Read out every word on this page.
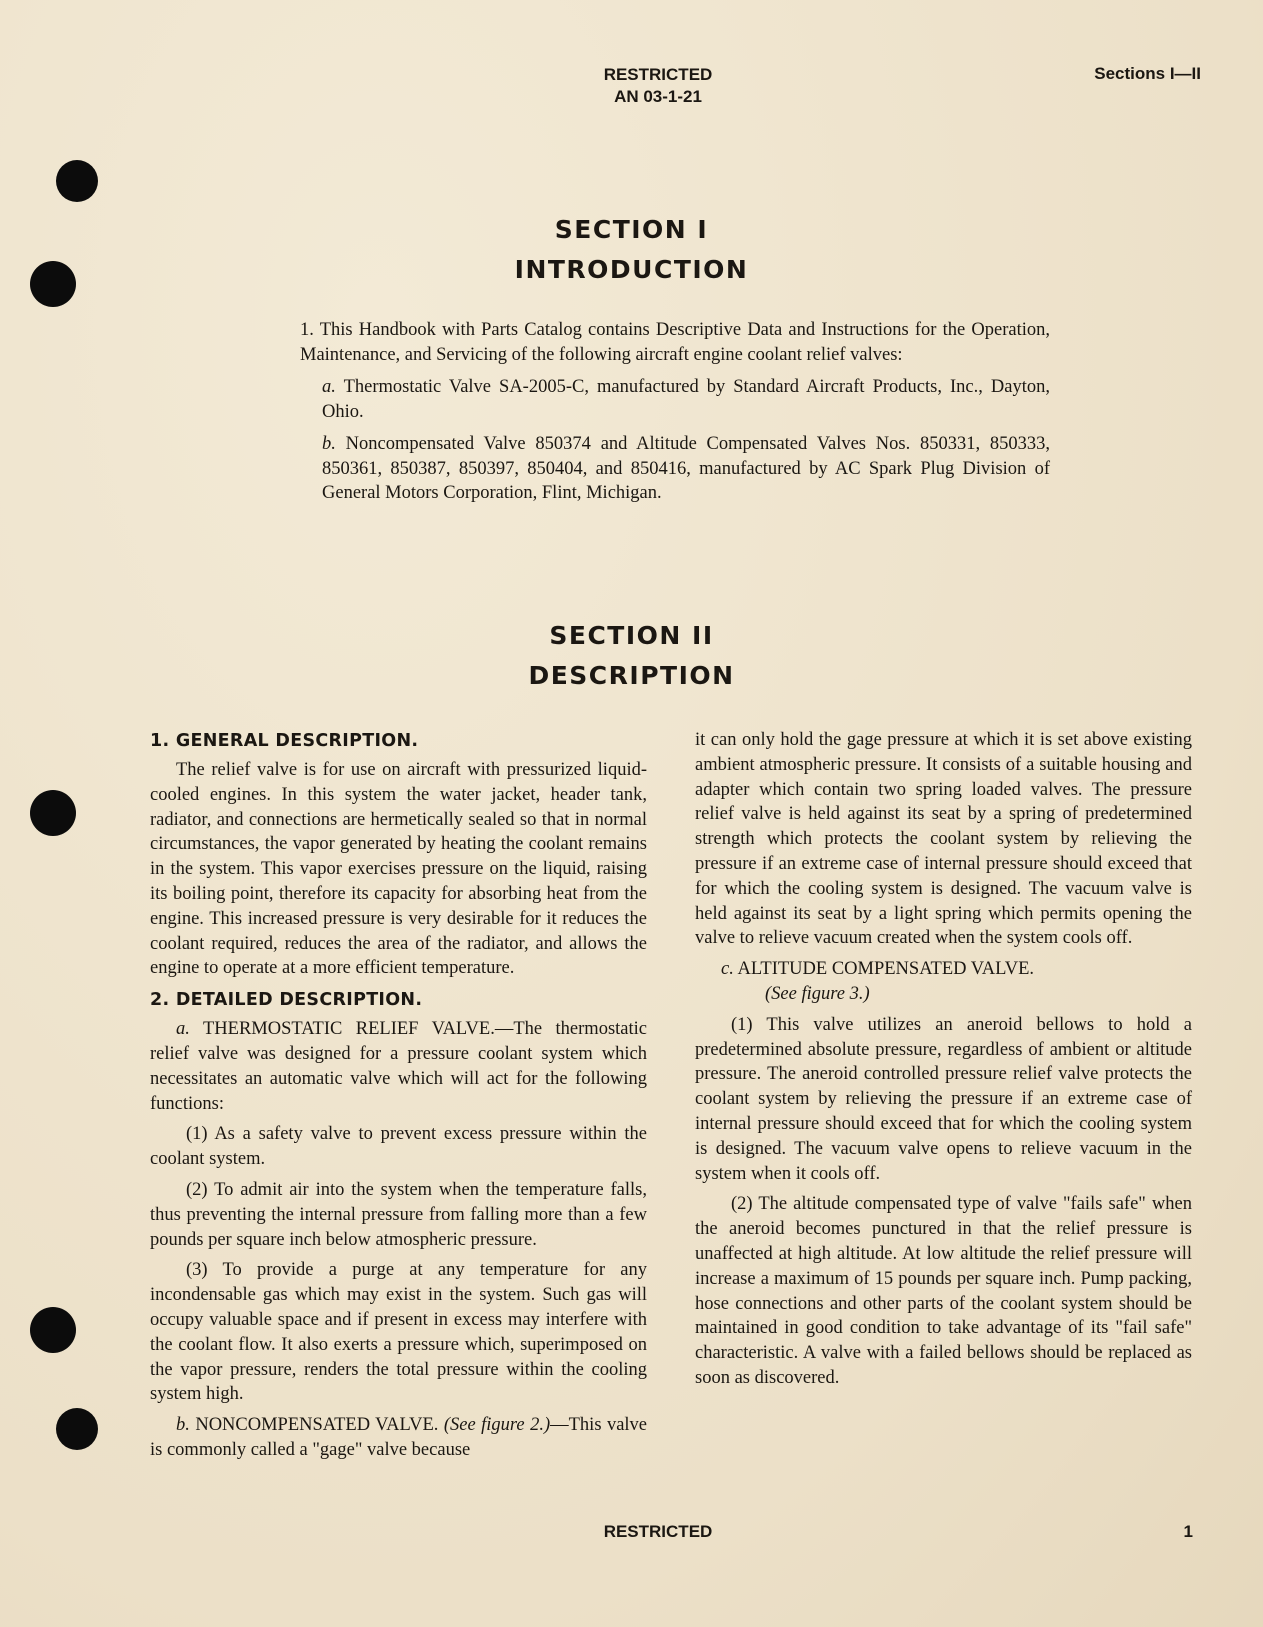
RESTRICTED
AN 03-1-21
Sections I—II
SECTION I
INTRODUCTION

1. This Handbook with Parts Catalog contains Descriptive Data and Instructions for the Operation, Maintenance, and Servicing of the following aircraft engine coolant relief valves:

a. Thermostatic Valve SA-2005-C, manufactured by Standard Aircraft Products, Inc., Dayton, Ohio.

b. Noncompensated Valve 850374 and Altitude Compensated Valves Nos. 850331, 850333, 850361, 850387, 850397, 850404, and 850416, manufactured by AC Spark Plug Division of General Motors Corporation, Flint, Michigan.

SECTION II
DESCRIPTION
1. GENERAL DESCRIPTION.

The relief valve is for use on aircraft with pressurized liquid-cooled engines. In this system the water jacket, header tank, radiator, and connections are hermetically sealed so that in normal circumstances, the vapor generated by heating the coolant remains in the system. This vapor exercises pressure on the liquid, raising its boiling point, therefore its capacity for absorbing heat from the engine. This increased pressure is very desirable for it reduces the coolant required, reduces the area of the radiator, and allows the engine to operate at a more efficient temperature.

2. DETAILED DESCRIPTION.

a. THERMOSTATIC RELIEF VALVE.—The thermostatic relief valve was designed for a pressure coolant system which necessitates an automatic valve which will act for the following functions:

(1) As a safety valve to prevent excess pressure within the coolant system.

(2) To admit air into the system when the temperature falls, thus preventing the internal pressure from falling more than a few pounds per square inch below atmospheric pressure.

(3) To provide a purge at any temperature for any incondensable gas which may exist in the system. Such gas will occupy valuable space and if present in excess may interfere with the coolant flow. It also exerts a pressure which, superimposed on the vapor pressure, renders the total pressure within the cooling system high.

b. NONCOMPENSATED VALVE. (See figure 2.)—This valve is commonly called a "gage" valve because

it can only hold the gage pressure at which it is set above existing ambient atmospheric pressure. It consists of a suitable housing and adapter which contain two spring loaded valves. The pressure relief valve is held against its seat by a spring of predetermined strength which protects the coolant system by relieving the pressure if an extreme case of internal pressure should exceed that for which the cooling system is designed. The vacuum valve is held against its seat by a light spring which permits opening the valve to relieve vacuum created when the system cools off.

c. ALTITUDE COMPENSATED VALVE.

(See figure 3.)

(1) This valve utilizes an aneroid bellows to hold a predetermined absolute pressure, regardless of ambient or altitude pressure. The aneroid controlled pressure relief valve protects the coolant system by relieving the pressure if an extreme case of internal pressure should exceed that for which the cooling system is designed. The vacuum valve opens to relieve vacuum in the system when it cools off.

(2) The altitude compensated type of valve "fails safe" when the aneroid becomes punctured in that the relief pressure is unaffected at high altitude. At low altitude the relief pressure will increase a maximum of 15 pounds per square inch. Pump packing, hose connections and other parts of the coolant system should be maintained in good condition to take advantage of its "fail safe" characteristic. A valve with a failed bellows should be replaced as soon as discovered.

RESTRICTED	1
